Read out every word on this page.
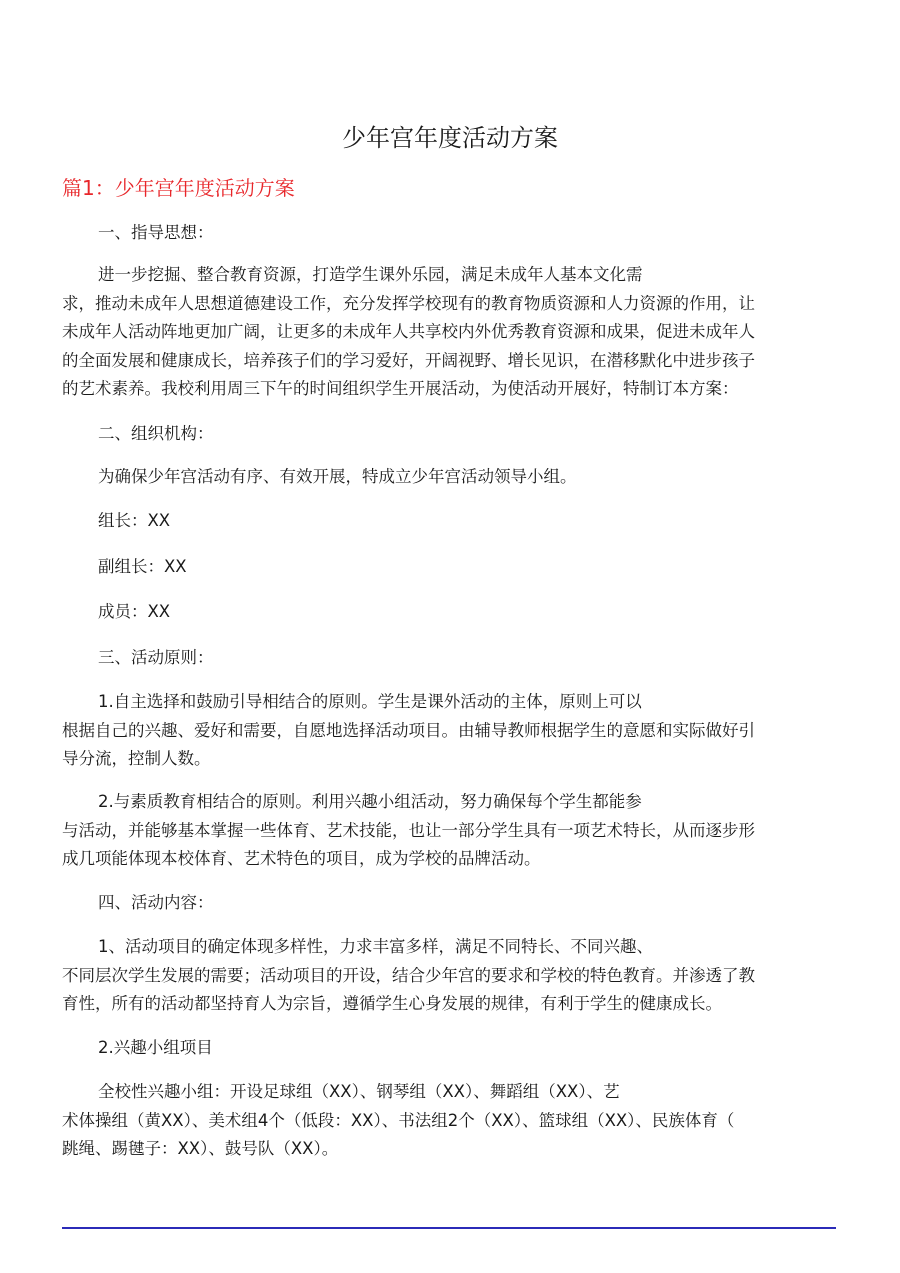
少年宫年度活动方案
篇1：少年宫年度活动方案
一、指导思想：
进一步挖掘、整合教育资源，打造学生课外乐园，满足未成年人基本文化需
求，推动未成年人思想道德建设工作，充分发挥学校现有的教育物质资源和人力资源的作用，让
未成年人活动阵地更加广阔，让更多的未成年人共享校内外优秀教育资源和成果，促进未成年人
的全面发展和健康成长，培养孩子们的学习爱好，开阔视野、增长见识，在潜移默化中进步孩子
的艺术素养。我校利用周三下午的时间组织学生开展活动，为使活动开展好，特制订本方案：
二、组织机构：
为确保少年宫活动有序、有效开展，特成立少年宫活动领导小组。
组长：XX
副组长：XX
成员：XX
三、活动原则：
1.自主选择和鼓励引导相结合的原则。学生是课外活动的主体，原则上可以
根据自己的兴趣、爱好和需要，自愿地选择活动项目。由辅导教师根据学生的意愿和实际做好引
导分流，控制人数。
2.与素质教育相结合的原则。利用兴趣小组活动，努力确保每个学生都能参
与活动，并能够基本掌握一些体育、艺术技能，也让一部分学生具有一项艺术特长，从而逐步形
成几项能体现本校体育、艺术特色的项目，成为学校的品牌活动。
四、活动内容：
1、活动项目的确定体现多样性，力求丰富多样，满足不同特长、不同兴趣、
不同层次学生发展的需要；活动项目的开设，结合少年宫的要求和学校的特色教育。并渗透了教
育性，所有的活动都坚持育人为宗旨，遵循学生心身发展的规律，有利于学生的健康成长。
2.兴趣小组项目
全校性兴趣小组：开设足球组（XX）、钢琴组（XX）、舞蹈组（XX）、艺
术体操组（黄XX）、美术组4个（低段：XX）、书法组2个（XX）、篮球组（XX）、民族体育（
跳绳、踢毽子：XX）、鼓号队（XX）。
